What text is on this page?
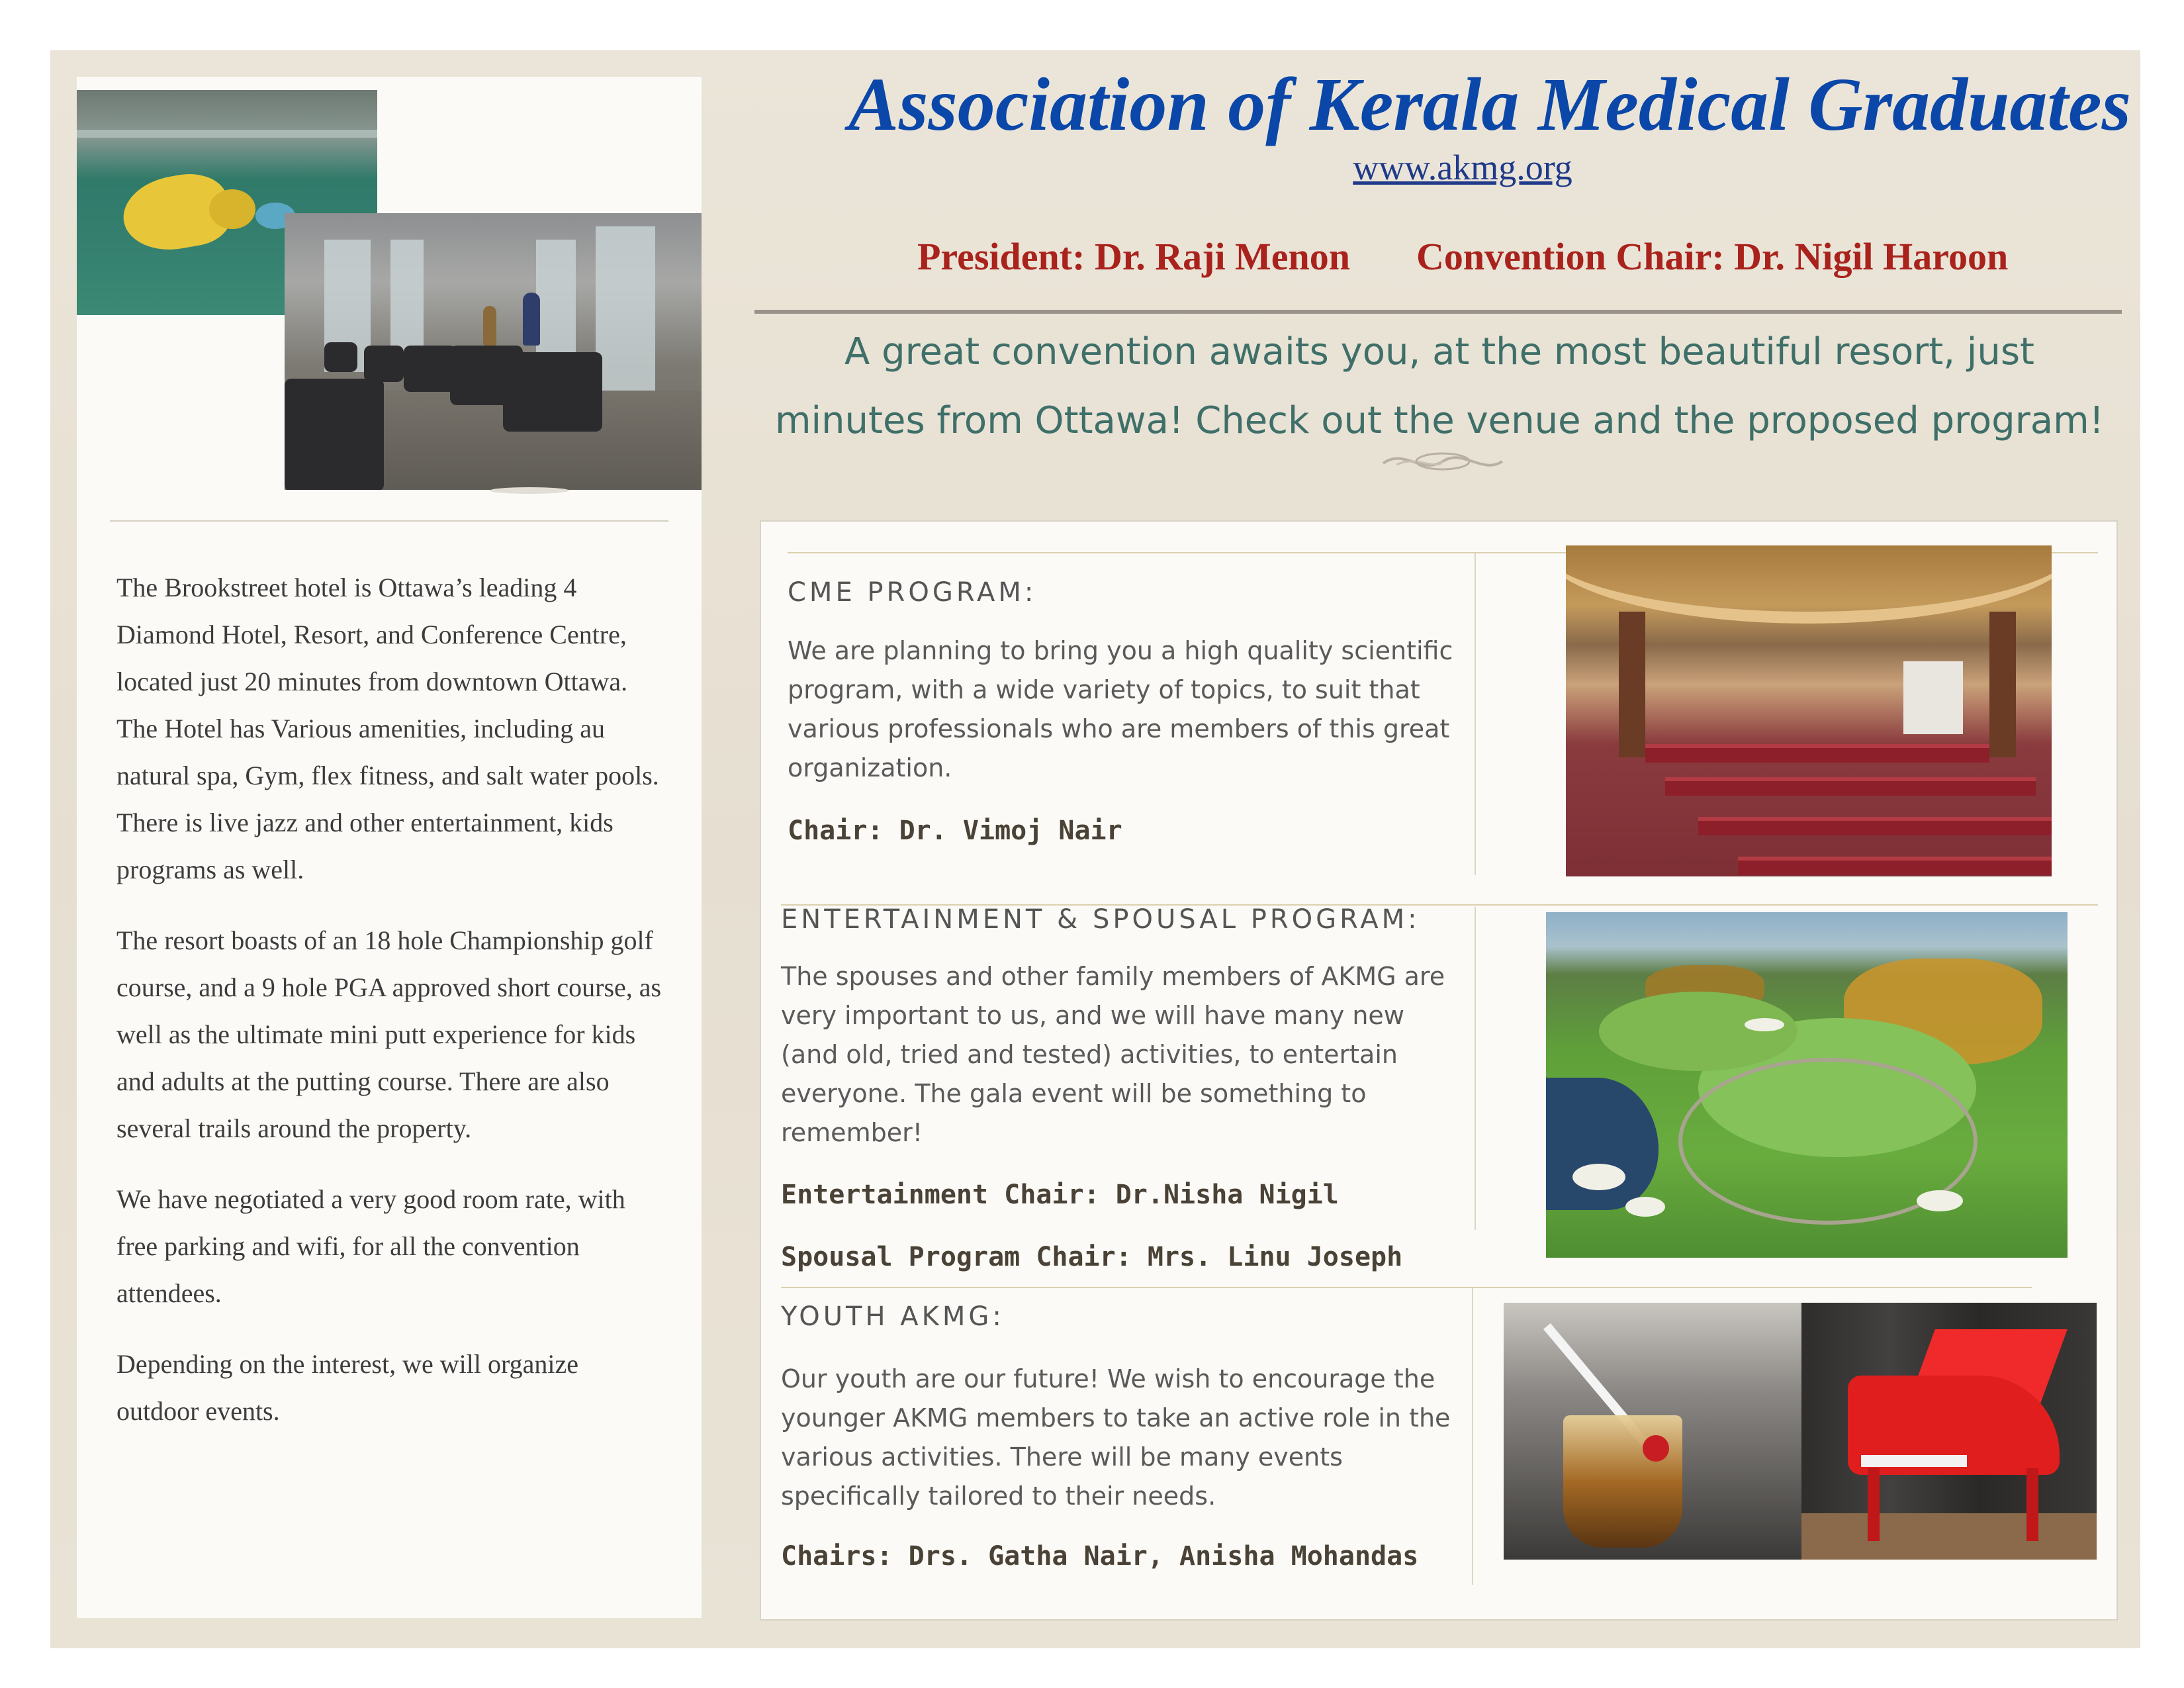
The Brookstreet hotel is Ottawa’s leading 4 Diamond Hotel, Resort, and Conference Centre, located just 20 minutes from downtown Ottawa. The Hotel has Various amenities, including au natural spa, Gym, flex fitness, and salt water pools. There is live jazz and other entertainment, kids programs as well.

The resort boasts of an 18 hole Championship golf course, and a 9 hole PGA approved short course, as well as the ultimate mini putt experience for kids and adults at the putting course. There are also several trails around the property.

We have negotiated a very good room rate, with free parking and wifi, for all the convention attendees.

Depending on the interest, we will organize outdoor events.

Association of Kerala Medical Graduates
www.akmg.org
President: Dr. Raji Menon Convention Chair: Dr. Nigil Haroon
A great convention awaits you, at the most beautiful resort, just
minutes from Ottawa! Check out the venue and the proposed program!
CME PROGRAM:
We are planning to bring you a high quality scientific program, with a wide variety of topics, to suit that various professionals who are members of this great organization.
Chair: Dr. Vimoj Nair
ENTERTAINMENT & SPOUSAL PROGRAM:
The spouses and other family members of AKMG are very important to us, and we will have many new (and old, tried and tested) activities, to entertain everyone. The gala event will be something to remember!
Entertainment Chair: Dr.Nisha Nigil
Spousal Program Chair: Mrs. Linu Joseph
YOUTH AKMG:
Our youth are our future! We wish to encourage the younger AKMG members to take an active role in the various activities. There will be many events specifically tailored to their needs.
Chairs: Drs. Gatha Nair, Anisha Mohandas
